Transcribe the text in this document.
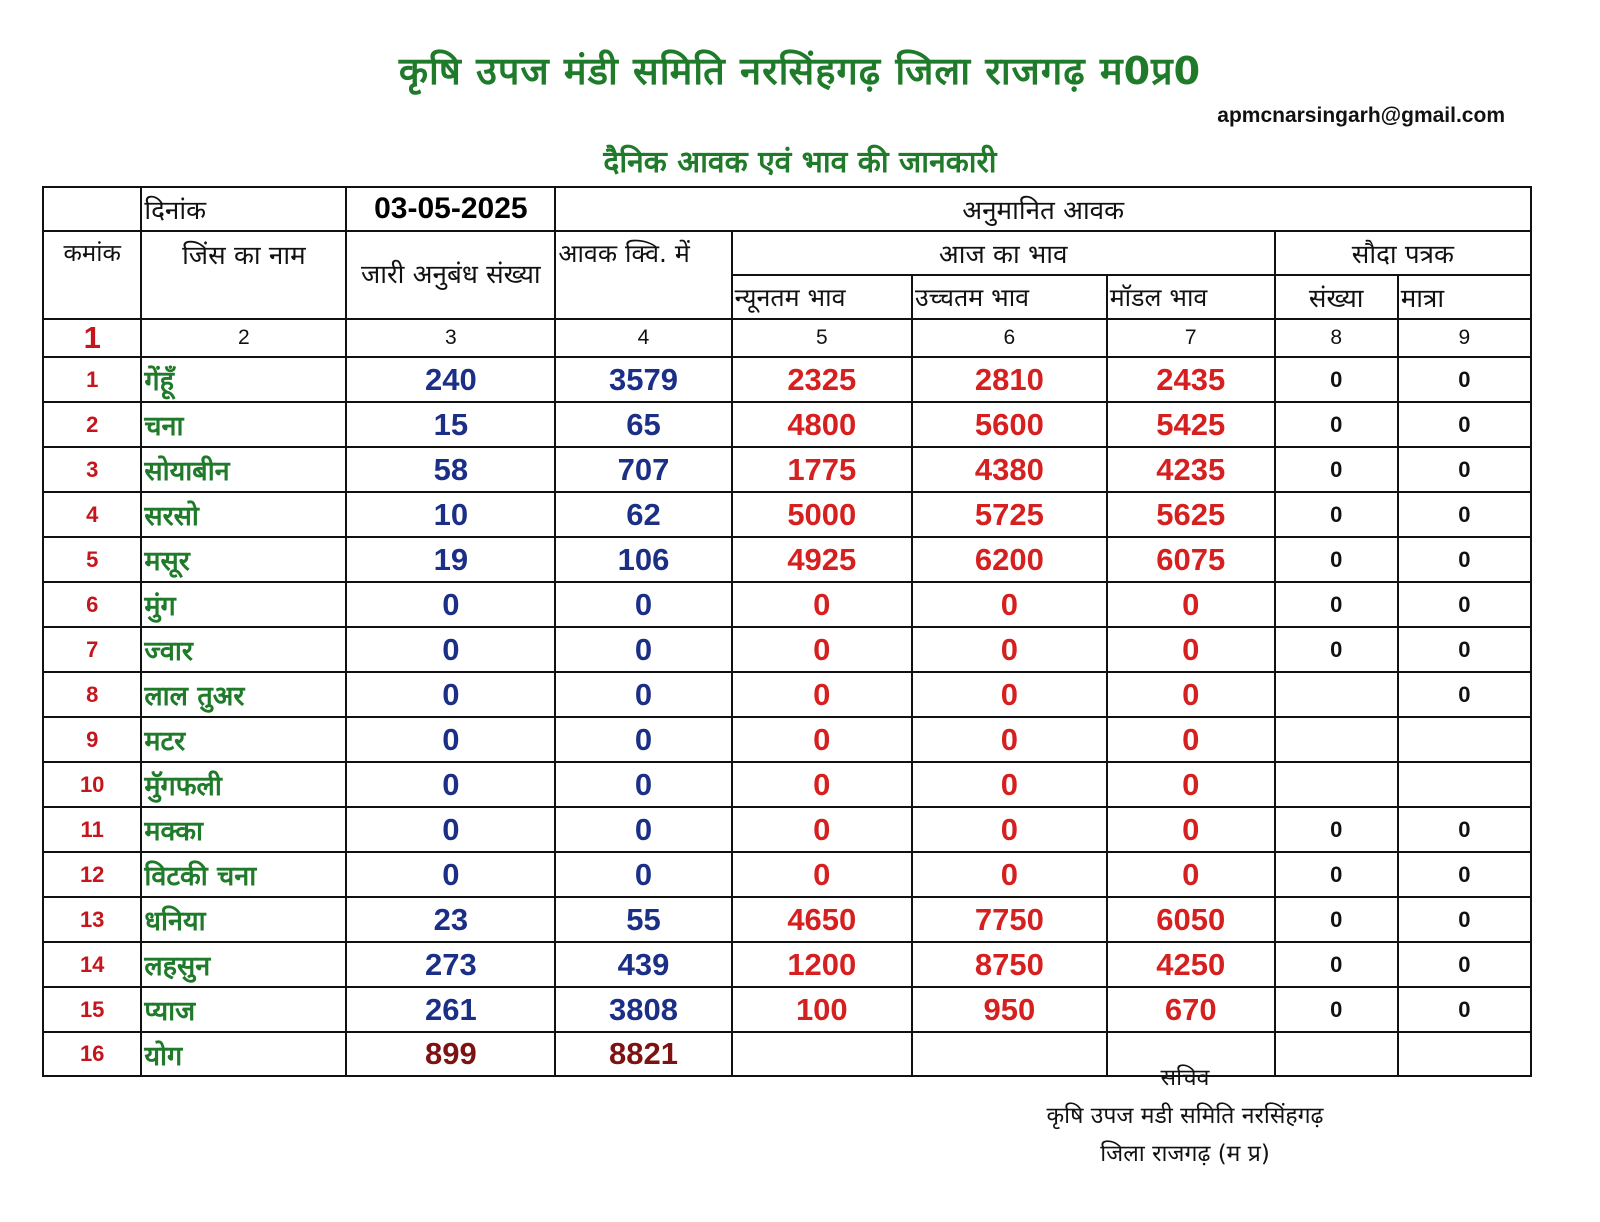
कृषि उपज मंडी समिति नरसिंहगढ़ जिला राजगढ़ म0प्र0
apmcnarsingarh@gmail.com
दैनिक आवक एवं भाव की जानकारी
	दिनांक	03-05-2025	अनुमानित आवक					
कमांक	जिंस का नाम	जारी अनुबंध संख्या	आवक क्वि. में	आज का भाव			सौदा पत्रक	
				न्यूनतम भाव	उच्चतम भाव	मॉडल भाव	संख्या	मात्रा
1	2	3	4	5	6	7	8	9
1	गेंहूँ	240	3579	2325	2810	2435	0	0
2	चना	15	65	4800	5600	5425	0	0
3	सोयाबीन	58	707	1775	4380	4235	0	0
4	सरसो	10	62	5000	5725	5625	0	0
5	मसूर	19	106	4925	6200	6075	0	0
6	मुंग	0	0	0	0	0	0	0
7	ज्वार	0	0	0	0	0	0	0
8	लाल तुअर	0	0	0	0	0		0
9	मटर	0	0	0	0	0		
10	मुॅगफली	0	0	0	0	0		
11	मक्का	0	0	0	0	0	0	0
12	विटकी चना	0	0	0	0	0	0	0
13	धनिया	23	55	4650	7750	6050	0	0
14	लहसुन	273	439	1200	8750	4250	0	0
15	प्याज	261	3808	100	950	670	0	0
16	योग	899	8821					
सचिव
कृषि उपज मडी समिति नरसिंहगढ़
जिला राजगढ़ (म प्र)
